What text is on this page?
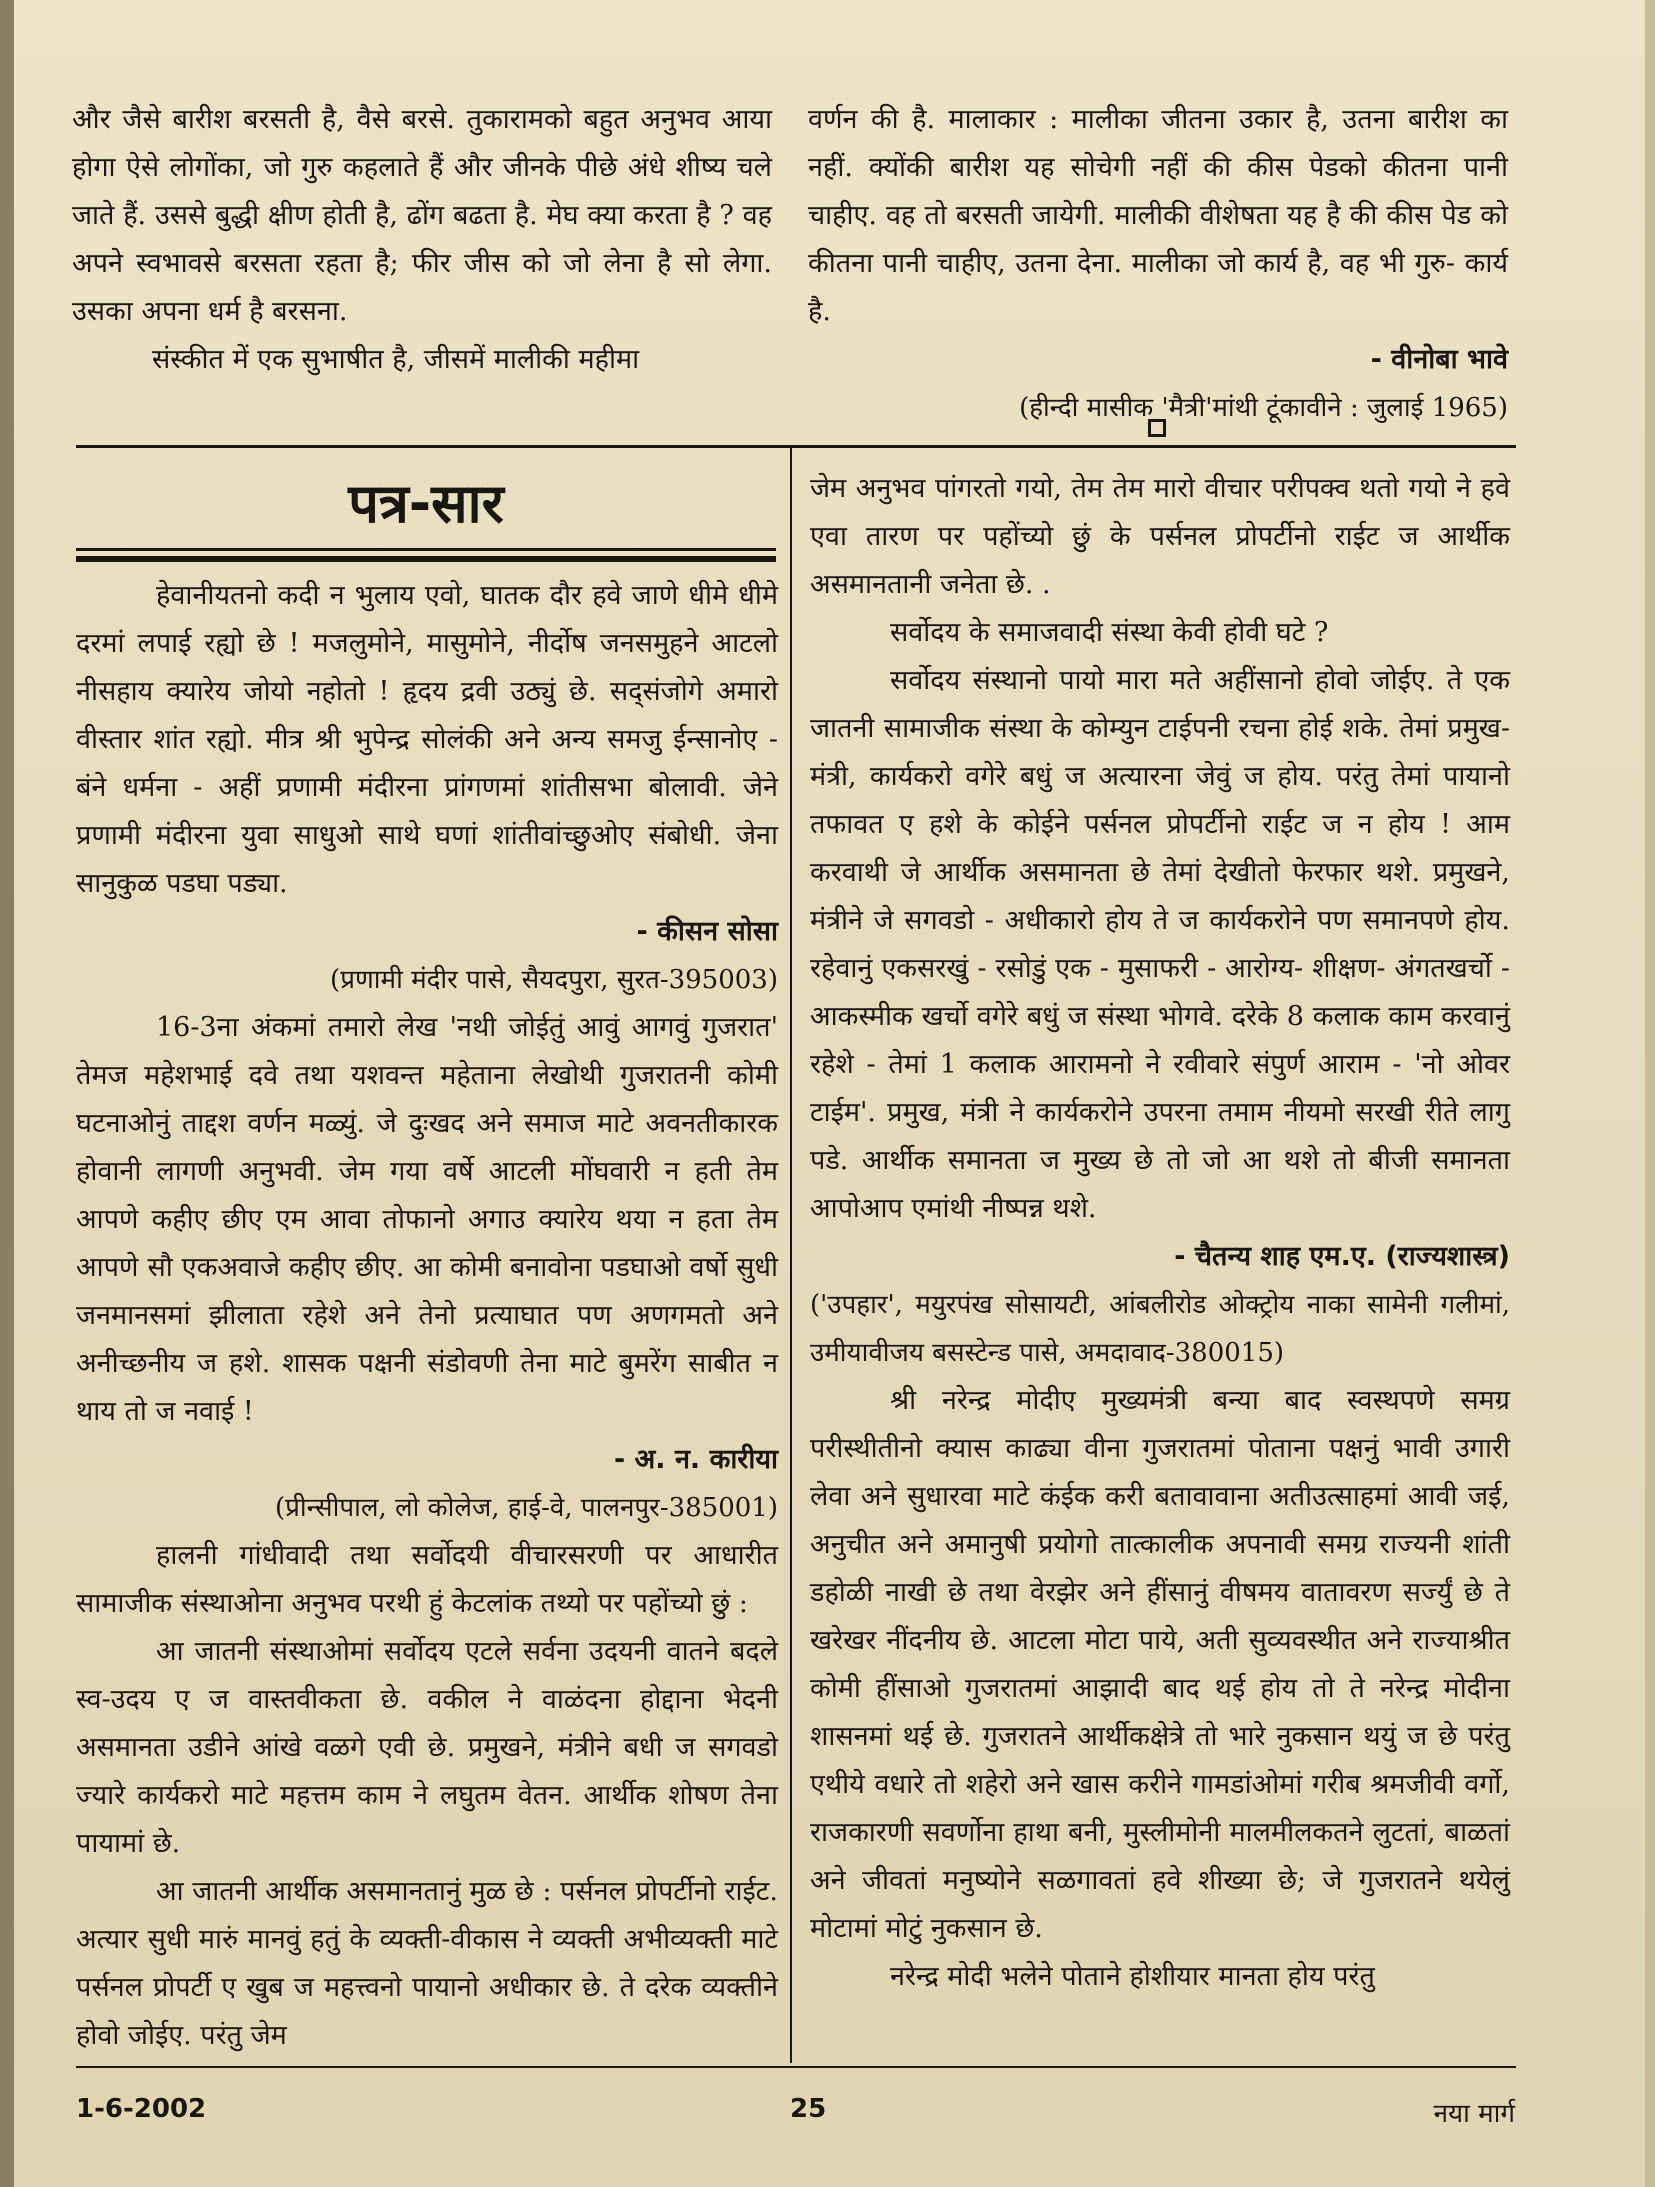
और जैसे बारीश बरसती है, वैसे बरसे. तुकारामको बहुत अनुभव आया होगा ऐसे लोगोंका, जो गुरु कहलाते हैं और जीनके पीछे अंधे शीष्य चले जाते हैं. उससे बुद्धी क्षीण होती है, ढोंग बढता है. मेघ क्या करता है ? वह अपने स्वभावसे बरसता रहता है; फीर जीस को जो लेना है सो लेगा. उसका अपना धर्म है बरसना.

संस्कीत में एक सुभाषीत है, जीसमें मालीकी महीमा

वर्णन की है. मालाकार : मालीका जीतना उकार है, उतना बारीश का नहीं. क्योंकी बारीश यह सोचेगी नहीं की कीस पेडको कीतना पानी चाहीए. वह तो बरसती जायेगी. मालीकी वीशेषता यह है की कीस पेड को कीतना पानी चाहीए, उतना देना. मालीका जो कार्य है, वह भी गुरु- कार्य है.

- वीनोबा भावे

(हीन्दी मासीक 'मैत्री'मांथी टूंकावीने : जुलाई 1965)

पत्र-सार

हेवानीयतनो कदी न भुलाय एवो, घातक दौर हवे जाणे धीमे धीमे दरमां लपाई रह्यो छे ! मजलुमोने, मासुमोने, नीर्दोष जनसमुहने आटलो नीसहाय क्यारेय जोयो नहोतो ! हृदय द्रवी उठ्युं छे. सद्संजोगे अमारो वीस्तार शांत रह्यो. मीत्र श्री भुपेन्द्र सोलंकी अने अन्य समजु ईन्सानोए - बंने धर्मना - अहीं प्रणामी मंदीरना प्रांगणमां शांतीसभा बोलावी. जेने प्रणामी मंदीरना युवा साधुओ साथे घणां शांतीवांच्छुओए संबोधी. जेना सानुकुळ पडघा पड्या.

- कीसन सोसा

(प्रणामी मंदीर पासे, सैयदपुरा, सुरत-395003)

16-3ना अंकमां तमारो लेख 'नथी जोईतुं आवुं आगवुं गुजरात' तेमज महेशभाई दवे तथा यशवन्त महेताना लेखोथी गुजरातनी कोमी घटनाओनुं ताद्दश वर्णन मळ्युं. जे दुःखद अने समाज माटे अवनतीकारक होवानी लागणी अनुभवी. जेम गया वर्षे आटली मोंघवारी न हती तेम आपणे कहीए छीए एम आवा तोफानो अगाउ क्यारेय थया न हता तेम आपणे सौ एकअवाजे कहीए छीए. आ कोमी बनावोना पडघाओ वर्षो सुधी जनमानसमां झीलाता रहेशे अने तेनो प्रत्याघात पण अणगमतो अने अनीच्छनीय ज हशे. शासक पक्षनी संडोवणी तेना माटे बुमरेंग साबीत न थाय तो ज नवाई !

- अ. न. कारीया

(प्रीन्सीपाल, लो कोलेज, हाई-वे, पालनपुर-385001)

हालनी गांधीवादी तथा सर्वोदयी वीचारसरणी पर आधारीत सामाजीक संस्थाओना अनुभव परथी हुं केटलांक तथ्यो पर पहोंच्यो छुं :

आ जातनी संस्थाओमां सर्वोदय एटले सर्वना उदयनी वातने बदले स्व-उदय ए ज वास्तवीकता छे. वकील ने वाळंदना होद्दाना भेदनी असमानता उडीने आंखे वळगे एवी छे. प्रमुखने, मंत्रीने बधी ज सगवडो ज्यारे कार्यकरो माटे महत्तम काम ने लघुतम वेतन. आर्थीक शोषण तेना पायामां छे.

आ जातनी आर्थीक असमानतानुं मुळ छे : पर्सनल प्रोपर्टीनो राईट. अत्यार सुधी मारुं मानवुं हतुं के व्यक्ती-वीकास ने व्यक्ती अभीव्यक्ती माटे पर्सनल प्रोपर्टी ए खुब ज महत्त्वनो पायानो अधीकार छे. ते दरेक व्यक्तीने होवो जोईए. परंतु जेम

जेम अनुभव पांगरतो गयो, तेम तेम मारो वीचार परीपक्व थतो गयो ने हवे एवा तारण पर पहोंच्यो छुं के पर्सनल प्रोपर्टीनो राईट ज आर्थीक असमानतानी जनेता छे. .

सर्वोदय के समाजवादी संस्था केवी होवी घटे ?

सर्वोदय संस्थानो पायो मारा मते अहींसानो होवो जोईए. ते एक जातनी सामाजीक संस्था के कोम्युन टाईपनी रचना होई शके. तेमां प्रमुख-मंत्री, कार्यकरो वगेरे बधुं ज अत्यारना जेवुं ज होय. परंतु तेमां पायानो तफावत ए हशे के कोईने पर्सनल प्रोपर्टीनो राईट ज न होय ! आम करवाथी जे आर्थीक असमानता छे तेमां देखीतो फेरफार थशे. प्रमुखने, मंत्रीने जे सगवडो - अधीकारो होय ते ज कार्यकरोने पण समानपणे होय. रहेवानुं एकसरखुं - रसोडुं एक - मुसाफरी - आरोग्य- शीक्षण- अंगतखर्चो - आकस्मीक खर्चो वगेरे बधुं ज संस्था भोगवे. दरेके 8 कलाक काम करवानुं रहेशे - तेमां 1 कलाक आरामनो ने रवीवारे संपुर्ण आराम - 'नो ओवर टाईम'. प्रमुख, मंत्री ने कार्यकरोने उपरना तमाम नीयमो सरखी रीते लागु पडे. आर्थीक समानता ज मुख्य छे तो जो आ थशे तो बीजी समानता आपोआप एमांथी नीष्पन्न थशे.

- चैतन्य शाह एम.ए. (राज्यशास्त्र)

('उपहार', मयुरपंख सोसायटी, आंबलीरोड ओक्ट्रोय नाका सामेनी गलीमां, उमीयावीजय बसस्टेन्ड पासे, अमदावाद-380015)

श्री नरेन्द्र मोदीए मुख्यमंत्री बन्या बाद स्वस्थपणे समग्र परीस्थीतीनो क्यास काढ्या वीना गुजरातमां पोताना पक्षनुं भावी उगारी लेवा अने सुधारवा माटे कंईक करी बतावावाना अतीउत्साहमां आवी जई, अनुचीत अने अमानुषी प्रयोगो तात्कालीक अपनावी समग्र राज्यनी शांती डहोळी नाखी छे तथा वेरझेर अने हींसानुं वीषमय वातावरण सर्ज्युं छे ते खरेखर नींदनीय छे. आटला मोटा पाये, अती सुव्यवस्थीत अने राज्याश्रीत कोमी हींसाओ गुजरातमां आझादी बाद थई होय तो ते नरेन्द्र मोदीना शासनमां थई छे. गुजरातने आर्थीकक्षेत्रे तो भारे नुकसान थयुं ज छे परंतु एथीये वधारे तो शहेरो अने खास करीने गामडांओमां गरीब श्रमजीवी वर्गो, राजकारणी सवर्णोना हाथा बनी, मुस्लीमोनी मालमीलकतने लुटतां, बाळतां अने जीवतां मनुष्योने सळगावतां हवे शीख्या छे; जे गुजरातने थयेलुं मोटामां मोटुं नुकसान छे.

नरेन्द्र मोदी भलेने पोताने होशीयार मानता होय परंतु

1-6-2002	25	नया मार्ग
